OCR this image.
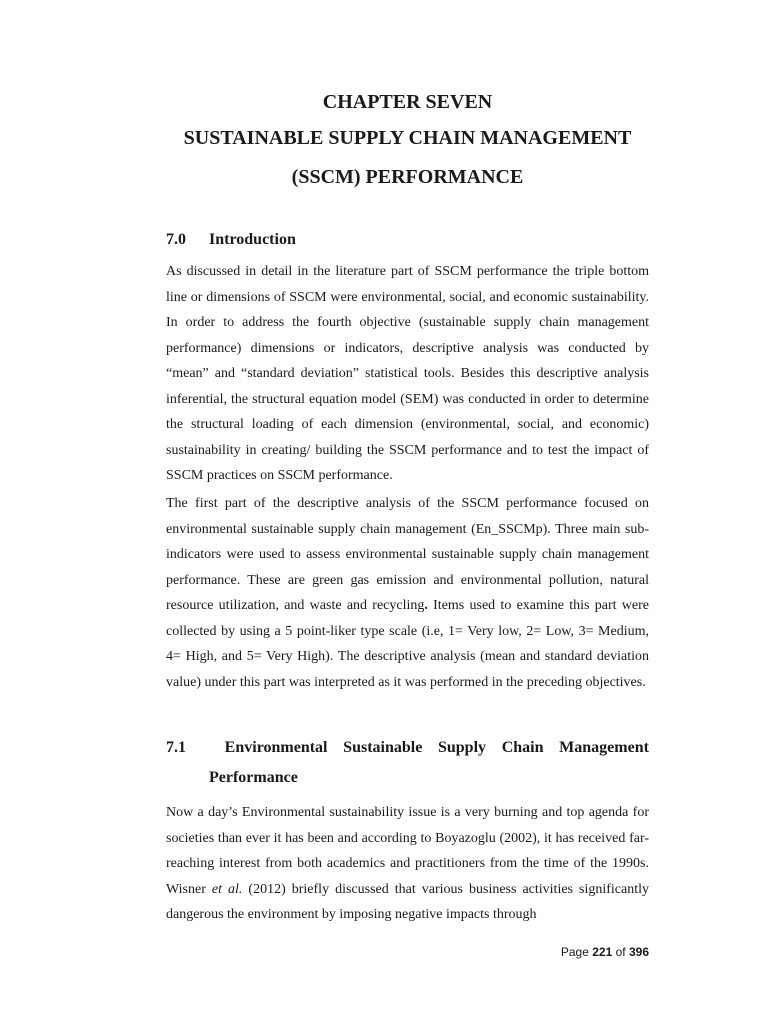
CHAPTER SEVEN
SUSTAINABLE SUPPLY CHAIN MANAGEMENT
(SSCM) PERFORMANCE
7.0 Introduction
As discussed in detail in the literature part of SSCM performance the triple bottom line or dimensions of SSCM were environmental, social, and economic sustainability. In order to address the fourth objective (sustainable supply chain management performance) dimensions or indicators, descriptive analysis was conducted by “mean” and “standard deviation” statistical tools. Besides this descriptive analysis inferential, the structural equation model (SEM) was conducted in order to determine the structural loading of each dimension (environmental, social, and economic) sustainability in creating/ building the SSCM performance and to test the impact of SSCM practices on SSCM performance.
The first part of the descriptive analysis of the SSCM performance focused on environmental sustainable supply chain management (En_SSCMp). Three main sub-indicators were used to assess environmental sustainable supply chain management performance. These are green gas emission and environmental pollution, natural resource utilization, and waste and recycling. Items used to examine this part were collected by using a 5 point-liker type scale (i.e, 1= Very low, 2= Low, 3= Medium, 4= High, and 5= Very High). The descriptive analysis (mean and standard deviation value) under this part was interpreted as it was performed in the preceding objectives.
7.1	Environmental Sustainable Supply Chain Management
Performance
Now a day’s Environmental sustainability issue is a very burning and top agenda for societies than ever it has been and according to Boyazoglu (2002), it has received far-reaching interest from both academics and practitioners from the time of the 1990s. Wisner et al. (2012) briefly discussed that various business activities significantly dangerous the environment by imposing negative impacts through
Page 221 of 396
